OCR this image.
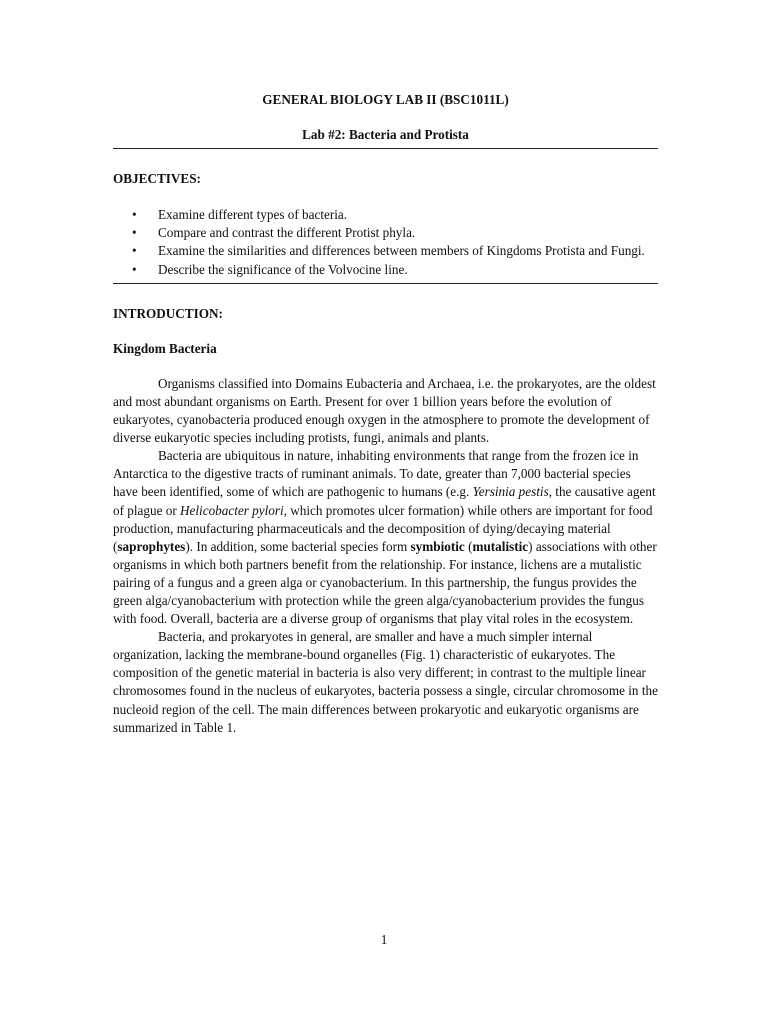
GENERAL BIOLOGY LAB II (BSC1011L)

Lab #2: Bacteria and Protista

OBJECTIVES:

• Examine different types of bacteria.
• Compare and contrast the different Protist phyla.
• Examine the similarities and differences between members of Kingdoms Protista and Fungi.
• Describe the significance of the Volvocine line.

INTRODUCTION:

Kingdom Bacteria

Organisms classified into Domains Eubacteria and Archaea, i.e. the prokaryotes, are the oldest and most abundant organisms on Earth. Present for over 1 billion years before the evolution of eukaryotes, cyanobacteria produced enough oxygen in the atmosphere to promote the development of diverse eukaryotic species including protists, fungi, animals and plants.

Bacteria are ubiquitous in nature, inhabiting environments that range from the frozen ice in Antarctica to the digestive tracts of ruminant animals. To date, greater than 7,000 bacterial species have been identified, some of which are pathogenic to humans (e.g. Yersinia pestis, the causative agent of plague or Helicobacter pylori, which promotes ulcer formation) while others are important for food production, manufacturing pharmaceuticals and the decomposition of dying/decaying material (saprophytes). In addition, some bacterial species form symbiotic (mutalistic) associations with other organisms in which both partners benefit from the relationship. For instance, lichens are a mutalistic pairing of a fungus and a green alga or cyanobacterium. In this partnership, the fungus provides the green alga/cyanobacterium with protection while the green alga/cyanobacterium provides the fungus with food. Overall, bacteria are a diverse group of organisms that play vital roles in the ecosystem.

Bacteria, and prokaryotes in general, are smaller and have a much simpler internal organization, lacking the membrane-bound organelles (Fig. 1) characteristic of eukaryotes. The composition of the genetic material in bacteria is also very different; in contrast to the multiple linear chromosomes found in the nucleus of eukaryotes, bacteria possess a single, circular chromosome in the nucleoid region of the cell. The main differences between prokaryotic and eukaryotic organisms are summarized in Table 1.

1
